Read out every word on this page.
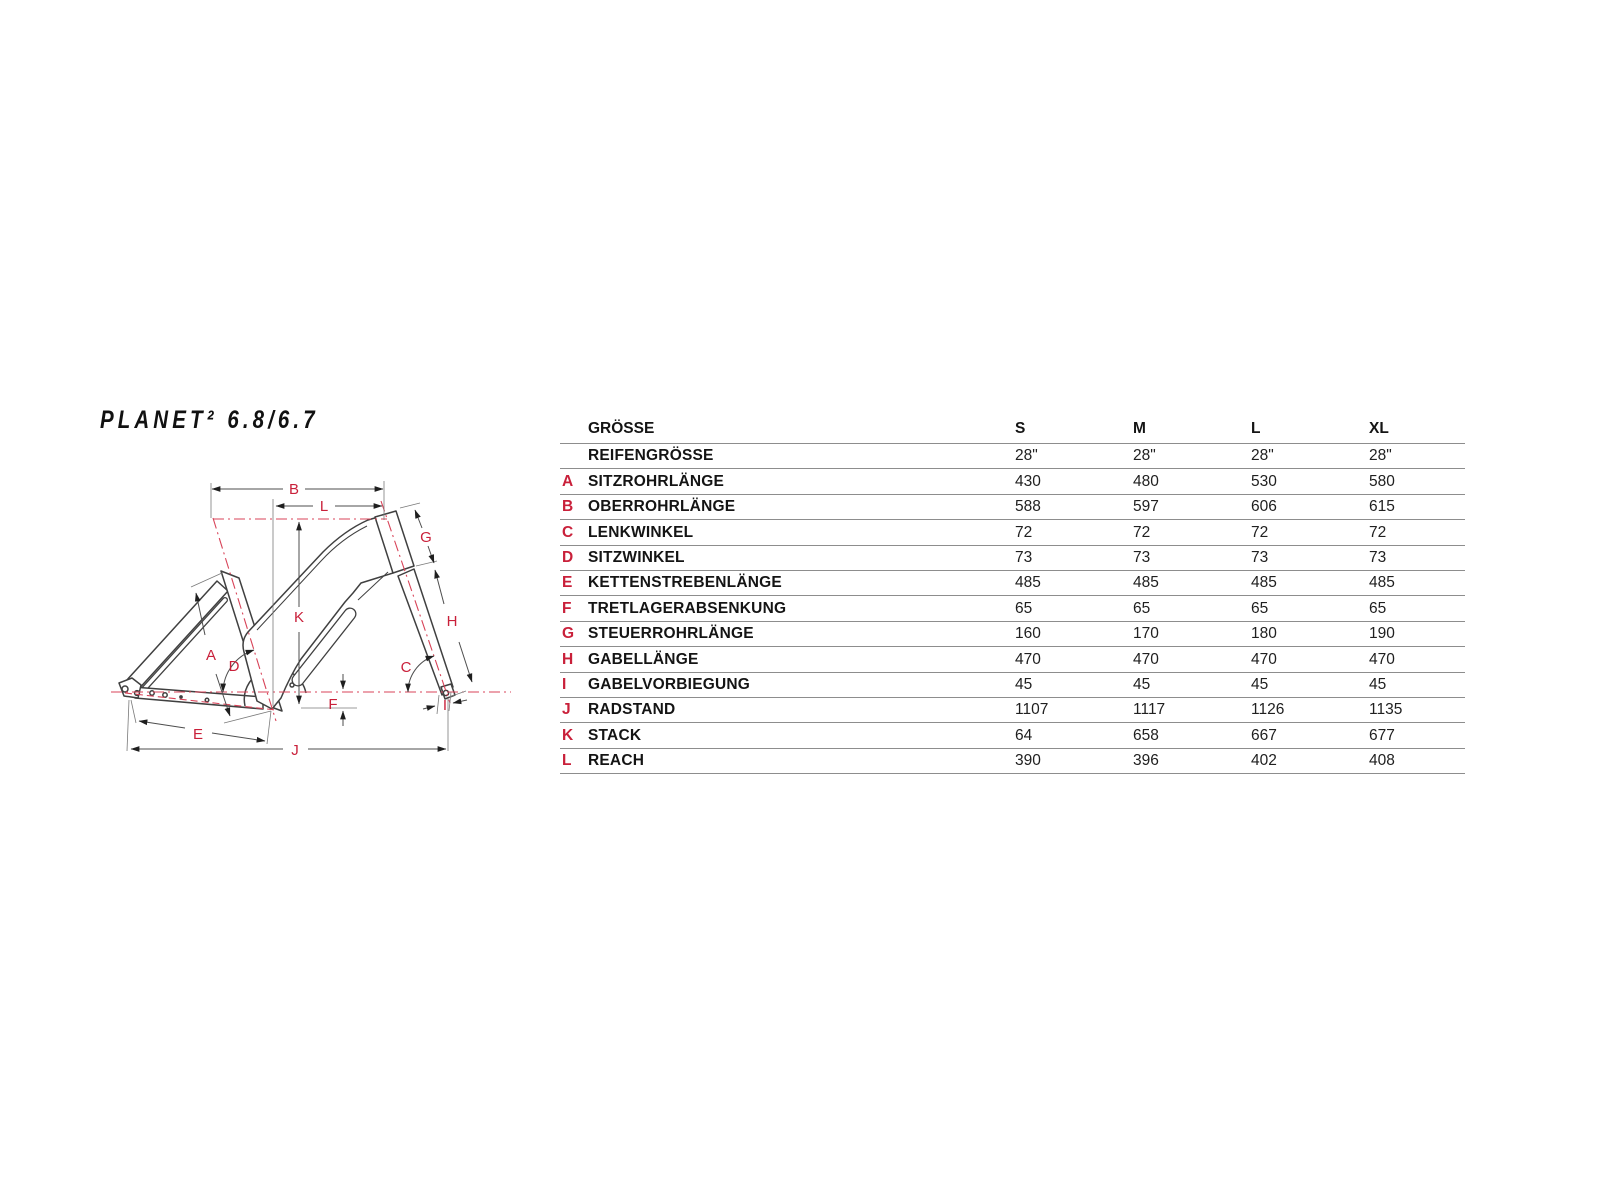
PLANET² 6.8/6.7
B
L
G
K	H
A
D	C
F	I
E
J
GRÖSSE	S	M	L	XL
REIFENGRÖSSE	28"	28"	28"	28"
A SITZROHRLÄNGE	430	480	530	580
B OBERROHRLÄNGE	588	597	606	615
C LENKWINKEL	72	72	72	72
D SITZWINKEL	73	73	73	73
E	KETTENSTREBENLÄNGE	485	485	485	485
F	TRETLAGERABSENKUNG	65	65	65	65
G STEUERROHRLÄNGE	160	170	180	190
H GABELLÄNGE	470	470	470	470
I	GABELVORBIEGUNG	45	45	45	45
J	RADSTAND	1107	1117	1126	1135
K STACK	64	658	667	677
L	REACH	390	396	402	408
